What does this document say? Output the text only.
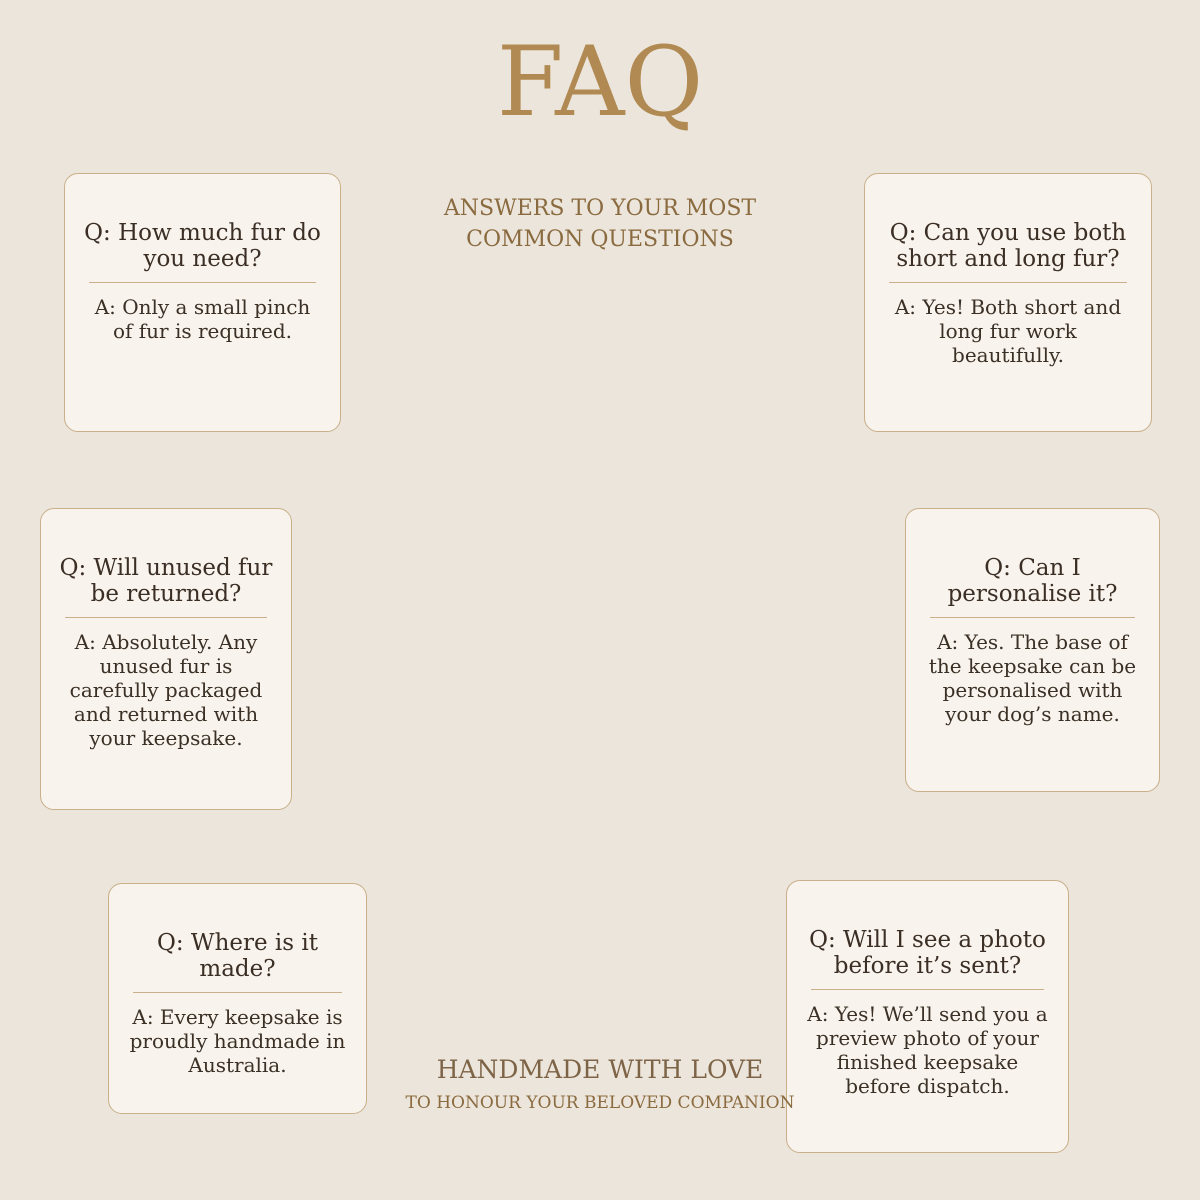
FAQ
ANSWERS TO YOUR MOST COMMON QUESTIONS
Q: How much fur do you need?
A: Only a small pinch of fur is required.
Q: Can you use both short and long fur?
A: Yes! Both short and long fur work beautifully.
Q: Will unused fur be returned?
A: Absolutely. Any unused fur is carefully packaged and returned with your keepsake.
Q: Can I personalise it?
A: Yes. The base of the keepsake can be personalised with your dog’s name.
Q: Where is it made?
A: Every keepsake is proudly handmade in Australia.
Q: Will I see a photo before it’s sent?
A: Yes! We’ll send you a preview photo of your finished keepsake before dispatch.
HANDMADE WITH LOVE
TO HONOUR YOUR BELOVED COMPANION
